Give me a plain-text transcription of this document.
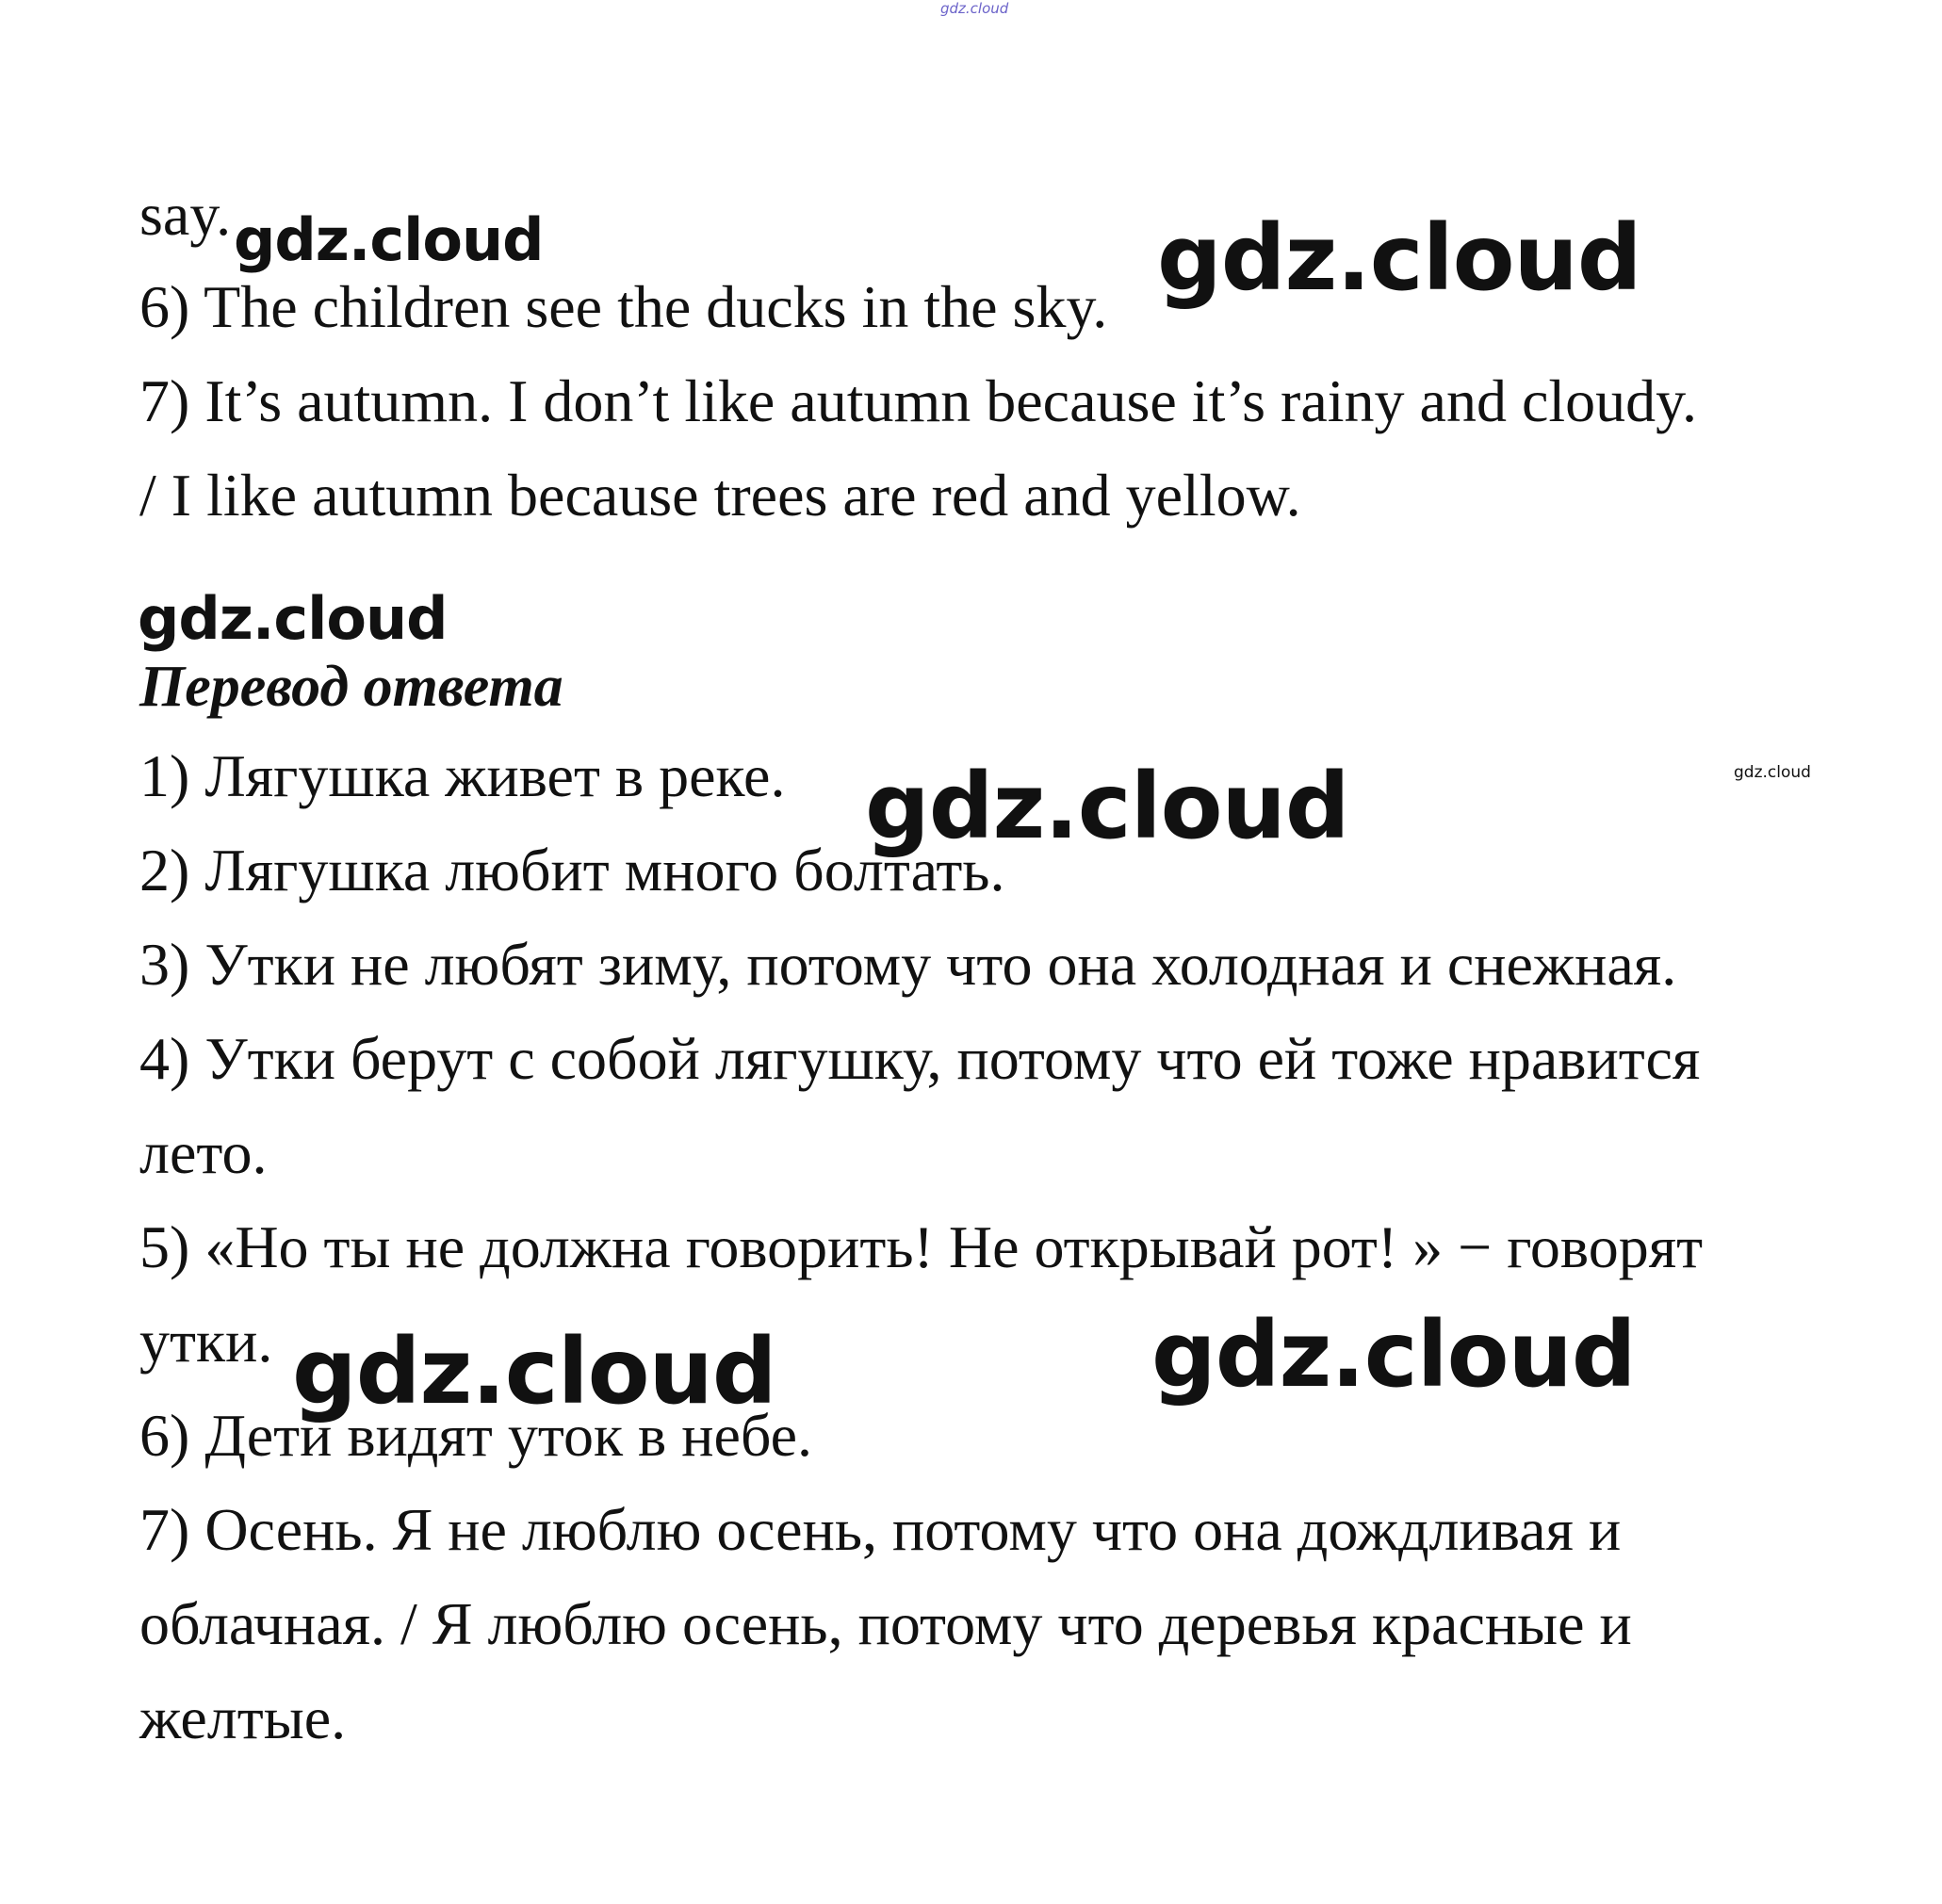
gdz.cloud
say.
6) The children see the ducks in the sky.
7) It’s autumn. I don’t like autumn because it’s rainy and cloudy.
/ I like autumn because trees are red and yellow.
gdz.cloud	gdz.cloud
gdz.cloud
Перевод ответа
1) Лягушка живет в реке.
2) Лягушка любит много болтать.
3) Утки не любят зиму, потому что она холодная и снежная.
4) Утки берут с собой лягушку, потому что ей тоже нравится
лето.
5) «Но ты не должна говорить! Не открывай рот! » − говорят
утки.
6) Дети видят уток в небе.
7) Осень. Я не люблю осень, потому что она дождливая и
облачная. / Я люблю осень, потому что деревья красные и
желтые.
gdz.cloud	gdz.cloud
gdz.cloud	gdz.cloud
